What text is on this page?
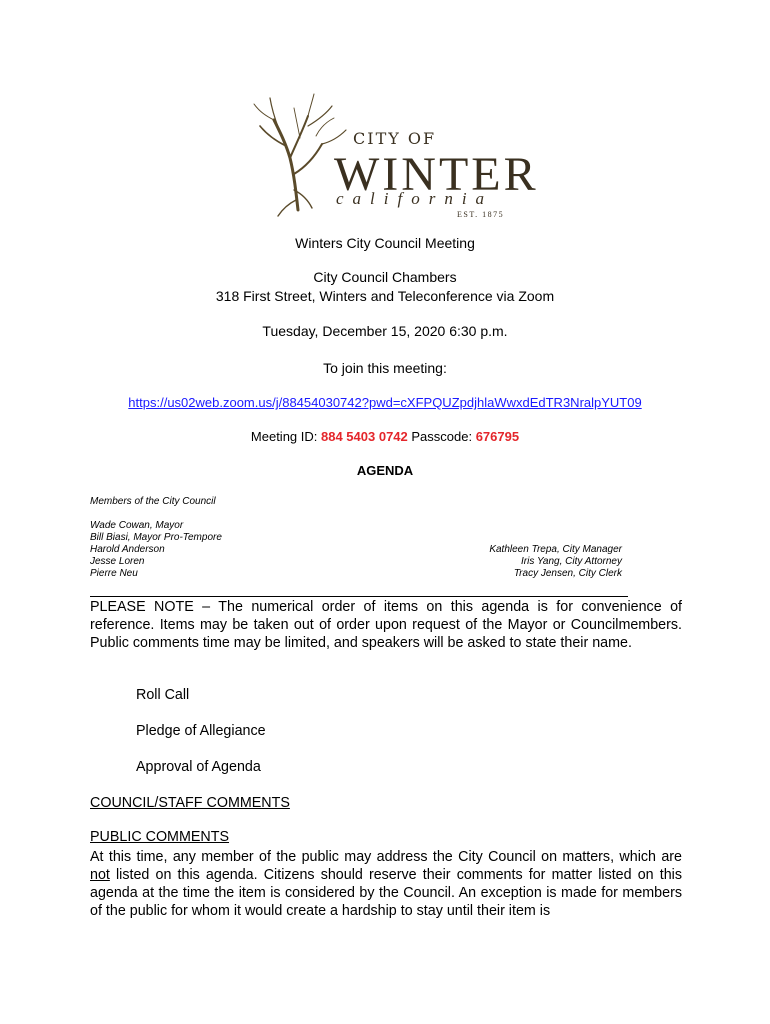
CITY OF
WINTER
california
EST. 1875
Winters City Council Meeting
City Council Chambers
318 First Street, Winters and Teleconference via Zoom
Tuesday, December 15, 2020 6:30 p.m.
To join this meeting:
https://us02web.zoom.us/j/88454030742?pwd=cXFPQUZpdjhlaWwxdEdTR3NralpYUT09
Meeting ID: 884 5403 0742 Passcode: 676795
AGENDA
Members of the City Council
Wade Cowan, Mayor
Bill Biasi, Mayor Pro-Tempore
Harold Anderson
Jesse Loren
Pierre Neu
Kathleen Trepa, City Manager
Iris Yang, City Attorney
Tracy Jensen, City Clerk
PLEASE NOTE – The numerical order of items on this agenda is for convenience of reference. Items may be taken out of order upon request of the Mayor or Councilmembers. Public comments time may be limited, and speakers will be asked to state their name.
Roll Call
Pledge of Allegiance
Approval of Agenda
COUNCIL/STAFF COMMENTS
PUBLIC COMMENTS
At this time, any member of the public may address the City Council on matters, which are not listed on this agenda. Citizens should reserve their comments for matter listed on this agenda at the time the item is considered by the Council. An exception is made for members of the public for whom it would create a hardship to stay until their item is
